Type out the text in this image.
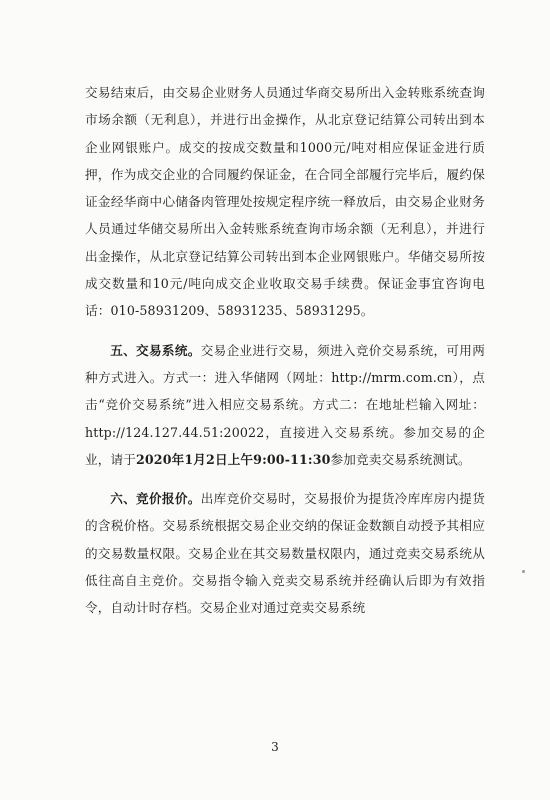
交易结束后，由交易企业财务人员通过华商交易所出入金转账系统查询市场余额（无利息），并进行出金操作，从北京登记结算公司转出到本企业网银账户。成交的按成交数量和1000元/吨对相应保证金进行质押，作为成交企业的合同履约保证金，在合同全部履行完毕后，履约保证金经华商中心储备肉管理处按规定程序统一释放后，由交易企业财务人员通过华储交易所出入金转账系统查询市场余额（无利息），并进行出金操作，从北京登记结算公司转出到本企业网银账户。华储交易所按成交数量和10元/吨向成交企业收取交易手续费。保证金事宜咨询电话：010-58931209、58931235、58931295。

五、交易系统。交易企业进行交易，须进入竞价交易系统，可用两种方式进入。方式一：进入华储网（网址：http://mrm.com.cn），点击“竞价交易系统”进入相应交易系统。方式二：在地址栏输入网址：http://124.127.44.51:20022，直接进入交易系统。参加交易的企业，请于2020年1月2日上午9:00-11:30参加竞卖交易系统测试。

六、竞价报价。出库竞价交易时，交易报价为提货冷库库房内提货的含税价格。交易系统根据交易企业交纳的保证金数额自动授予其相应的交易数量权限。交易企业在其交易数量权限内，通过竞卖交易系统从低往高自主竞价。交易指令输入竞卖交易系统并经确认后即为有效指令，自动计时存档。交易企业对通过竞卖交易系统

3
